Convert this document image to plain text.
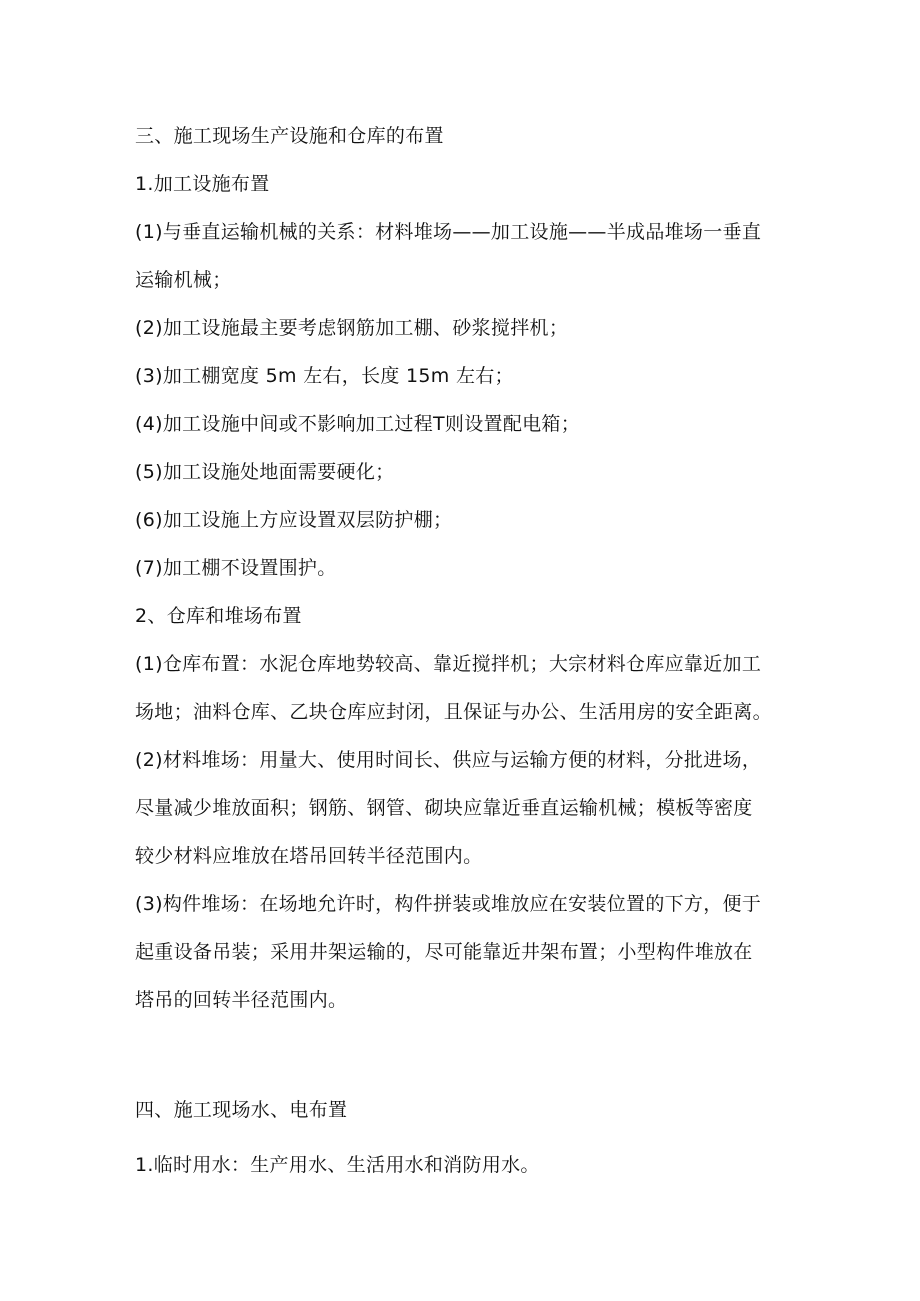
三、施工现场生产设施和仓库的布置

1.加工设施布置

(1)与垂直运输机械的关系：材料堆场——加工设施——半成品堆场一垂直

运输机械；

(2)加工设施最主要考虑钢筋加工棚、砂浆搅拌机；

(3)加工棚宽度 5m 左右，长度 15m 左右；

(4)加工设施中间或不影响加工过程T则设置配电箱；

(5)加工设施处地面需要硬化；

(6)加工设施上方应设置双层防护棚；

(7)加工棚不设置围护。

2、仓库和堆场布置

(1)仓库布置：水泥仓库地势较高、靠近搅拌机；大宗材料仓库应靠近加工

场地；油料仓库、乙块仓库应封闭，且保证与办公、生活用房的安全距离。

(2)材料堆场：用量大、使用时间长、供应与运输方便的材料，分批进场，

尽量减少堆放面积；钢筋、钢管、砌块应靠近垂直运输机械；模板等密度

较少材料应堆放在塔吊回转半径范围内。

(3)构件堆场：在场地允许时，构件拼装或堆放应在安装位置的下方，便于

起重设备吊装；采用井架运输的，尽可能靠近井架布置；小型构件堆放在

塔吊的回转半径范围内。

四、施工现场水、电布置

1.临时用水：生产用水、生活用水和消防用水。
